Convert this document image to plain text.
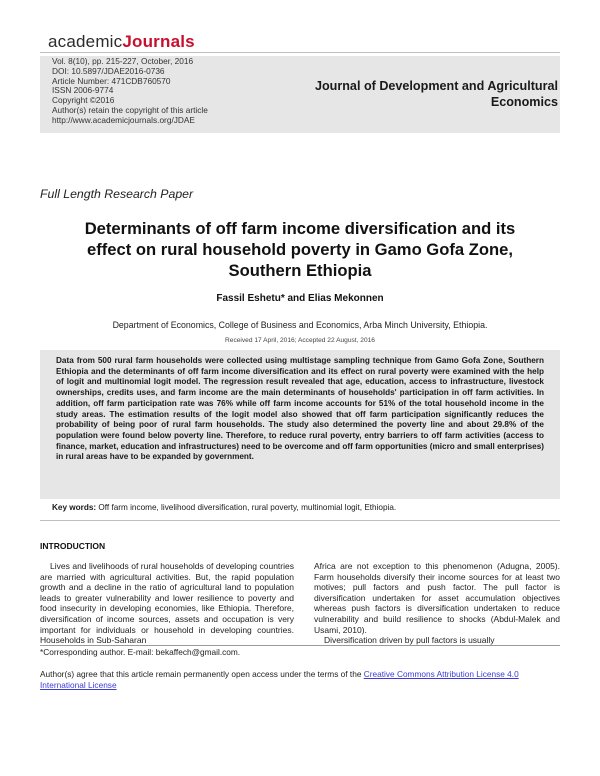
academicJournals
Vol. 8(10), pp. 215-227, October, 2016
DOI: 10.5897/JDAE2016-0736
Article Number: 471CDB760570
ISSN 2006-9774
Copyright ©2016
Author(s) retain the copyright of this article
http://www.academicjournals.org/JDAE
Journal of Development and Agricultural
Economics
Full Length Research Paper
Determinants of off farm income diversification and its
effect on rural household poverty in Gamo Gofa Zone,
Southern Ethiopia
Fassil Eshetu* and Elias Mekonnen
Department of Economics, College of Business and Economics, Arba Minch University, Ethiopia.
Received 17 April, 2016; Accepted 22 August, 2016
Data from 500 rural farm households were collected using multistage sampling technique from Gamo Gofa Zone, Southern Ethiopia and the determinants of off farm income diversification and its effect on rural poverty were examined with the help of logit and multinomial logit model. The regression result revealed that age, education, access to infrastructure, livestock ownerships, credits uses, and farm income are the main determinants of households' participation in off farm activities. In addition, off farm participation rate was 76% while off farm income accounts for 51% of the total household income in the study areas. The estimation results of the logit model also showed that off farm participation significantly reduces the probability of being poor of rural farm households. The study also determined the poverty line and about 29.8% of the population were found below poverty line. Therefore, to reduce rural poverty, entry barriers to off farm activities (access to finance, market, education and infrastructures) need to be overcome and off farm opportunities (micro and small enterprises) in rural areas have to be expanded by government.
Key words: Off farm income, livelihood diversification, rural poverty, multinomial logit, Ethiopia.
INTRODUCTION

Lives and livelihoods of rural households of developing countries are married with agricultural activities. But, the rapid population growth and a decline in the ratio of agricultural land to population leads to greater vulnerability and lower resilience to poverty and food insecurity in developing economies, like Ethiopia. Therefore, diversification of income sources, assets and occupation is very important for individuals or household in developing countries. Households in Sub-Saharan

Africa are not exception to this phenomenon (Adugna, 2005). Farm households diversify their income sources for at least two motives; pull factors and push factor. The pull factor is diversification undertaken for asset accumulation objectives whereas push factors is diversification undertaken to reduce vulnerability and build resilience to shocks (Abdul-Malek and Usami, 2010).

Diversification driven by pull factors is usually

*Corresponding author. E-mail: bekaffech@gmail.com.
Author(s) agree that this article remain permanently open access under the terms of the Creative Commons Attribution License 4.0 International License
